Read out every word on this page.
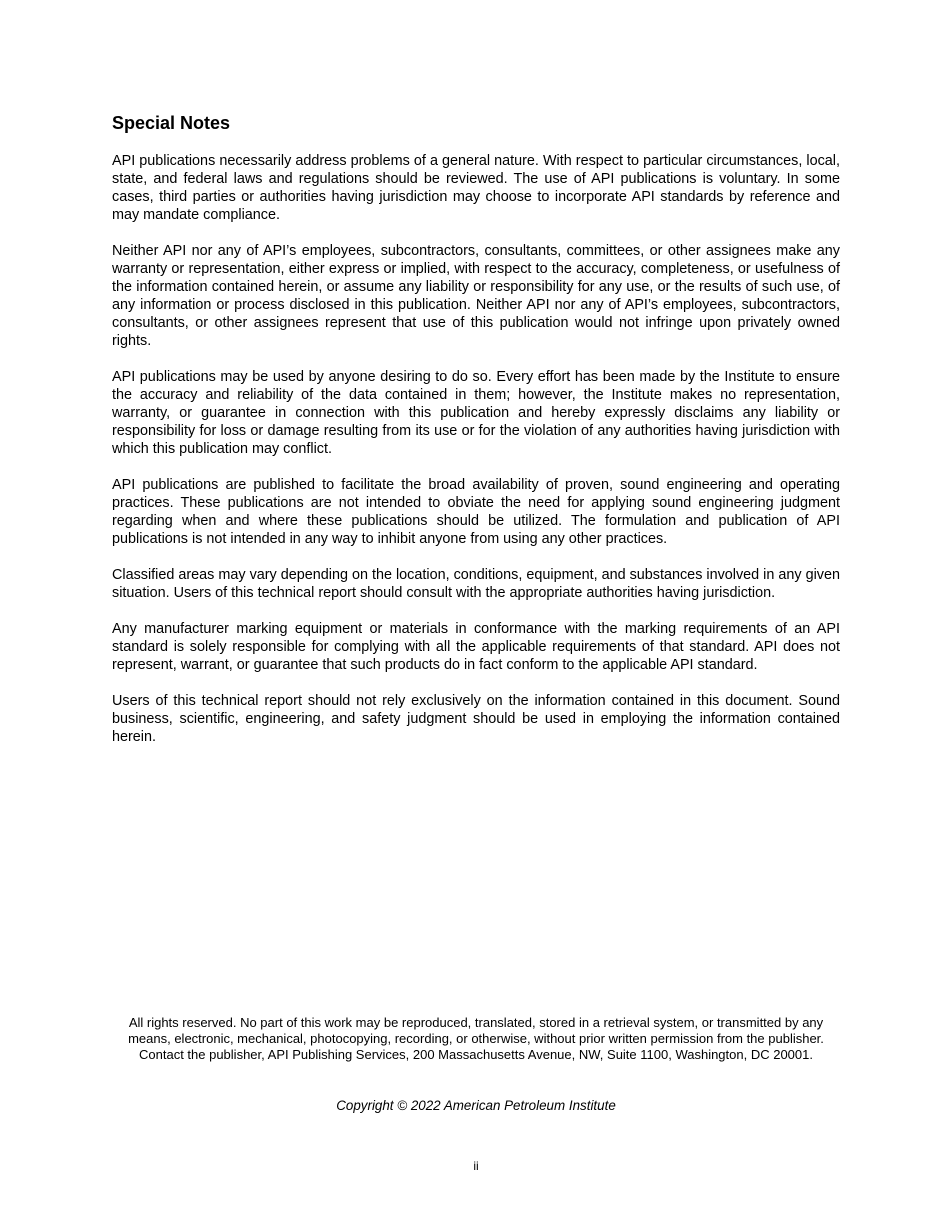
Special Notes

API publications necessarily address problems of a general nature. With respect to particular circumstances, local, state, and federal laws and regulations should be reviewed. The use of API publications is voluntary. In some cases, third parties or authorities having jurisdiction may choose to incorporate API standards by reference and may mandate compliance.

Neither API nor any of API’s employees, subcontractors, consultants, committees, or other assignees make any warranty or representation, either express or implied, with respect to the accuracy, completeness, or usefulness of the information contained herein, or assume any liability or responsibility for any use, or the results of such use, of any information or process disclosed in this publication. Neither API nor any of API’s employees, subcontractors, consultants, or other assignees represent that use of this publication would not infringe upon privately owned rights.

API publications may be used by anyone desiring to do so. Every effort has been made by the Institute to ensure the accuracy and reliability of the data contained in them; however, the Institute makes no representation, warranty, or guarantee in connection with this publication and hereby expressly disclaims any liability or responsibility for loss or damage resulting from its use or for the violation of any authorities having jurisdiction with which this publication may conflict.

API publications are published to facilitate the broad availability of proven, sound engineering and operating practices. These publications are not intended to obviate the need for applying sound engineering judgment regarding when and where these publications should be utilized. The formulation and publication of API publications is not intended in any way to inhibit anyone from using any other practices.

Classified areas may vary depending on the location, conditions, equipment, and substances involved in any given situation. Users of this technical report should consult with the appropriate authorities having jurisdiction.

Any manufacturer marking equipment or materials in conformance with the marking requirements of an API standard is solely responsible for complying with all the applicable requirements of that standard. API does not represent, warrant, or guarantee that such products do in fact conform to the applicable API standard.

Users of this technical report should not rely exclusively on the information contained in this document. Sound business, scientific, engineering, and safety judgment should be used in employing the information contained herein.

All rights reserved. No part of this work may be reproduced, translated, stored in a retrieval system, or transmitted by any means, electronic, mechanical, photocopying, recording, or otherwise, without prior written permission from the publisher. Contact the publisher, API Publishing Services, 200 Massachusetts Avenue, NW, Suite 1100, Washington, DC 20001.

Copyright © 2022 American Petroleum Institute

ii
